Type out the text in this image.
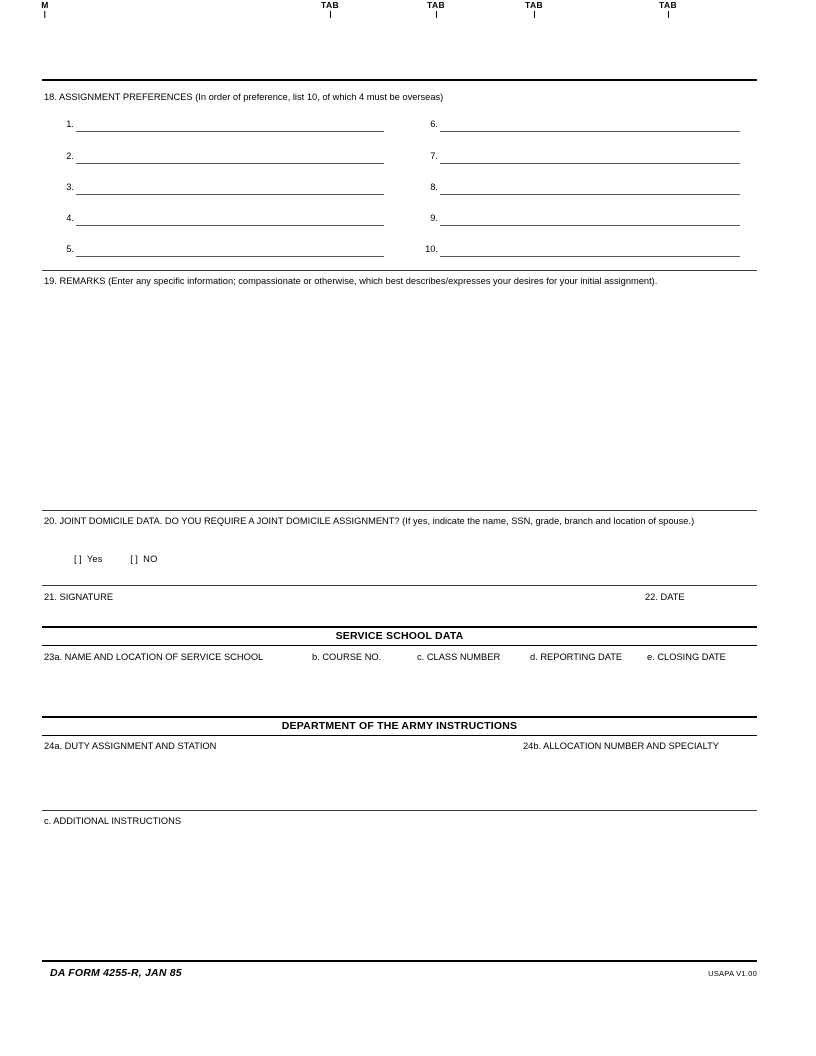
M	TAB	TAB	TAB	TAB
18. ASSIGNMENT PREFERENCES (In order of preference, list 10, of which 4 must be overseas)
1.
2.
3.
4.
5.
6.
7.
8.
9.
10.
19. REMARKS (Enter any specific information; compassionate or otherwise, which best describes/expresses your desires for your initial assignment).
20. JOINT DOMICILE DATA. DO YOU REQUIRE A JOINT DOMICILE ASSIGNMENT? (If yes, indicate the name, SSN, grade, branch and location of spouse.)
[] Yes	[] NO
21. SIGNATURE	22. DATE
SERVICE SCHOOL DATA
23a. NAME AND LOCATION OF SERVICE SCHOOL	b. COURSE NO.	c. CLASS NUMBER	d. REPORTING DATE	e. CLOSING DATE
DEPARTMENT OF THE ARMY INSTRUCTIONS
24a. DUTY ASSIGNMENT AND STATION	24b. ALLOCATION NUMBER AND SPECIALTY
c. ADDITIONAL INSTRUCTIONS
DA FORM 4255-R, JAN 85	USAPA V1.00
